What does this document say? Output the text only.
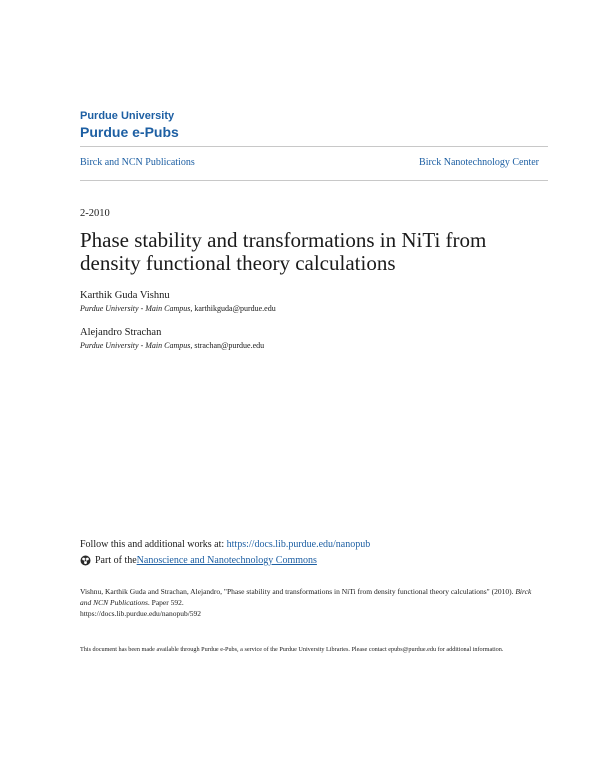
Purdue University
Purdue e-Pubs
Birck and NCN Publications	Birck Nanotechnology Center
2-2010
Phase stability and transformations in NiTi from density functional theory calculations
Karthik Guda Vishnu
Purdue University - Main Campus, karthikguda@purdue.edu
Alejandro Strachan
Purdue University - Main Campus, strachan@purdue.edu
Follow this and additional works at: https://docs.lib.purdue.edu/nanopub
Part of the Nanoscience and Nanotechnology Commons
Vishnu, Karthik Guda and Strachan, Alejandro, "Phase stability and transformations in NiTi from density functional theory calculations" (2010). Birck and NCN Publications. Paper 592.
https://docs.lib.purdue.edu/nanopub/592
This document has been made available through Purdue e-Pubs, a service of the Purdue University Libraries. Please contact epubs@purdue.edu for additional information.
